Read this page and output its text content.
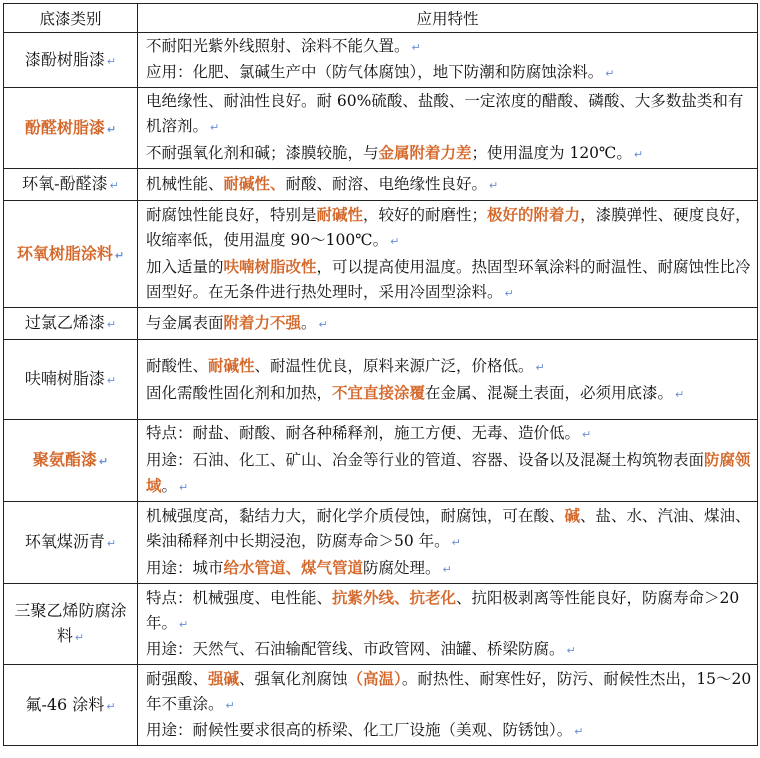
底漆类别	应用特性
漆酚树脂漆 ↵	不耐阳光紫外线照射、涂料不能久置。 ↵
应用：化肥、氯碱生产中（防气体腐蚀），地下防潮和防腐蚀涂料。 ↵

酚醛树脂漆 ↵	电绝缘性、耐油性良好。耐 60%硫酸、盐酸、一定浓度的醋酸、磷酸、大多数盐类和有机溶剂。 ↵
不耐强氧化剂和碱；漆膜较脆，与金属附着力差；使用温度为 120℃。 ↵

环氧-酚醛漆 ↵	机械性能、耐碱性、耐酸、耐溶、电绝缘性良好。 ↵

环氧树脂涂料 ↵	耐腐蚀性能良好，特别是耐碱性，较好的耐磨性；极好的附着力，漆膜弹性、硬度良好，收缩率低，使用温度 90～100℃。 ↵
加入适量的呋喃树脂改性，可以提高使用温度。热固型环氧涂料的耐温性、耐腐蚀性比冷固型好。在无条件进行热处理时，采用冷固型涂料。 ↵

过氯乙烯漆 ↵	与金属表面附着力不强。 ↵

呋喃树脂漆 ↵	耐酸性、耐碱性、耐温性优良，原料来源广泛，价格低。 ↵
固化需酸性固化剂和加热，不宜直接涂覆在金属、混凝土表面，必须用底漆。 ↵

聚氨酯漆 ↵	特点：耐盐、耐酸、耐各种稀释剂，施工方便、无毒、造价低。 ↵
用途：石油、化工、矿山、冶金等行业的管道、容器、设备以及混凝土构筑物表面防腐领域。 ↵

环氧煤沥青 ↵	机械强度高，黏结力大，耐化学介质侵蚀，耐腐蚀，可在酸、碱、盐、水、汽油、煤油、柴油稀释剂中长期浸泡，防腐寿命＞50 年。 ↵
用途：城市给水管道、煤气管道防腐处理。 ↵

三聚乙烯防腐涂料 ↵	特点：机械强度、电性能、抗紫外线、抗老化、抗阳极剥离等性能良好，防腐寿命＞20 年。 ↵
用途：天然气、石油输配管线、市政管网、油罐、桥梁防腐。 ↵

氟-46 涂料 ↵	耐强酸、强碱、强氧化剂腐蚀（高温）。耐热性、耐寒性好，防污、耐候性杰出，15～20 年不重涂。 ↵
用途：耐候性要求很高的桥梁、化工厂设施（美观、防锈蚀）。 ↵
